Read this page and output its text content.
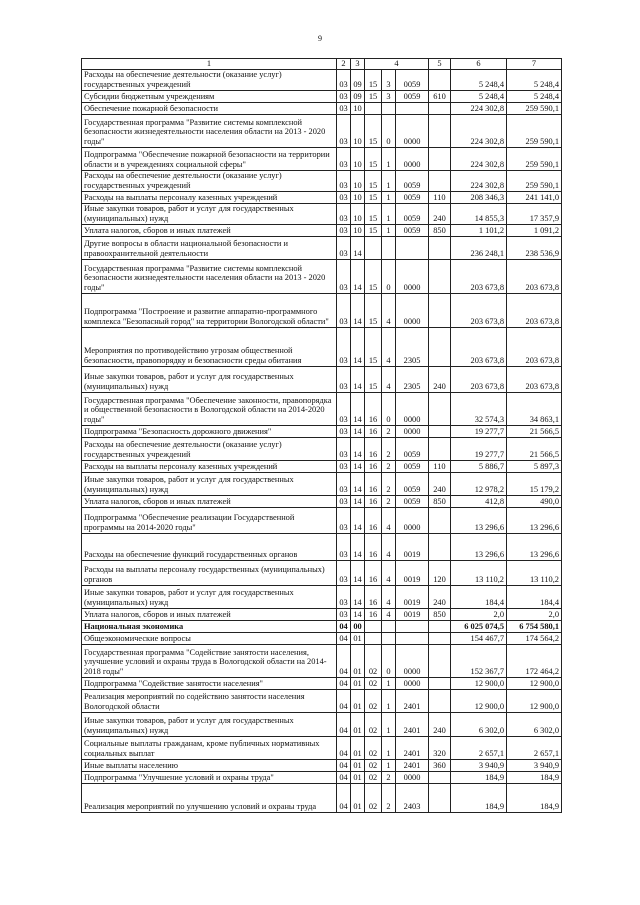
9
1	2	3	4			5	6	7
Расходы на обеспечение деятельности (оказание услуг) государственных учреждений	03	09	15	3	0059		5 248,4	5 248,4
Субсидии бюджетным учреждениям	03	09	15	3	0059	610	5 248,4	5 248,4
Обеспечение пожарной безопасности	03	10					224 302,8	259 590,1
Государственная программа "Развитие системы комплексной безопасности жизнедеятельности населения области на 2013 - 2020 годы"	03	10	15	0	0000		224 302,8	259 590,1
Подпрограмма "Обеспечение пожарной безопасности на территории области и в учреждениях социальной сферы"	03	10	15	1	0000		224 302,8	259 590,1
Расходы на обеспечение деятельности (оказание услуг) государственных учреждений	03	10	15	1	0059		224 302,8	259 590,1
Расходы на выплаты персоналу казенных учреждений	03	10	15	1	0059	110	208 346,3	241 141,0
Иные закупки товаров, работ и услуг для государственных (муниципальных) нужд	03	10	15	1	0059	240	14 855,3	17 357,9
Уплата налогов, сборов и иных платежей	03	10	15	1	0059	850	1 101,2	1 091,2
Другие вопросы в области национальной безопасности и правоохранительной деятельности	03	14					236 248,1	238 536,9
Государственная программа "Развитие системы комплексной безопасности жизнедеятельности населения области на 2013 - 2020 годы"	03	14	15	0	0000		203 673,8	203 673,8
Подпрограмма "Построение и развитие аппаратно-программного комплекса "Безопасный город" на территории Вологодской области"	03	14	15	4	0000		203 673,8	203 673,8
Мероприятия по противодействию угрозам общественной безопасности, правопорядку и безопасности среды обитания	03	14	15	4	2305		203 673,8	203 673,8
Иные закупки товаров, работ и услуг для государственных (муниципальных) нужд	03	14	15	4	2305	240	203 673,8	203 673,8
Государственная программа "Обеспечение законности, правопорядка и общественной безопасности в Вологодской области на 2014-2020 годы"	03	14	16	0	0000		32 574,3	34 863,1
Подпрограмма "Безопасность дорожного движения"	03	14	16	2	0000		19 277,7	21 566,5
Расходы на обеспечение деятельности (оказание услуг) государственных учреждений	03	14	16	2	0059		19 277,7	21 566,5
Расходы на выплаты персоналу казенных учреждений	03	14	16	2	0059	110	5 886,7	5 897,3
Иные закупки товаров, работ и услуг для государственных (муниципальных) нужд	03	14	16	2	0059	240	12 978,2	15 179,2
Уплата налогов, сборов и иных платежей	03	14	16	2	0059	850	412,8	490,0
Подпрограмма "Обеспечение реализации Государственной программы на 2014-2020 годы"	03	14	16	4	0000		13 296,6	13 296,6
Расходы на обеспечение функций государственных органов	03	14	16	4	0019		13 296,6	13 296,6
Расходы на выплаты персоналу государственных (муниципальных) органов	03	14	16	4	0019	120	13 110,2	13 110,2
Иные закупки товаров, работ и услуг для государственных (муниципальных) нужд	03	14	16	4	0019	240	184,4	184,4
Уплата налогов, сборов и иных платежей	03	14	16	4	0019	850	2,0	2,0
Национальная экономика	04	00					6 025 074,5	6 754 580,1
Общеэкономические вопросы	04	01					154 467,7	174 564,2
Государственная программа "Содействие занятости населения, улучшение условий и охраны труда в Вологодской области на 2014-2018 годы"	04	01	02	0	0000		152 367,7	172 464,2
Подпрограмма "Содействие занятости населения"	04	01	02	1	0000		12 900,0	12 900,0
Реализация мероприятий по содействию занятости населения Вологодской области	04	01	02	1	2401		12 900,0	12 900,0
Иные закупки товаров, работ и услуг для государственных (муниципальных) нужд	04	01	02	1	2401	240	6 302,0	6 302,0
Социальные выплаты гражданам, кроме публичных нормативных социальных выплат	04	01	02	1	2401	320	2 657,1	2 657,1
Иные выплаты населению	04	01	02	1	2401	360	3 940,9	3 940,9
Подпрограмма "Улучшение условий и охраны труда"	04	01	02	2	0000		184,9	184,9
Реализация мероприятий по улучшению условий и охраны труда	04	01	02	2	2403		184,9	184,9
